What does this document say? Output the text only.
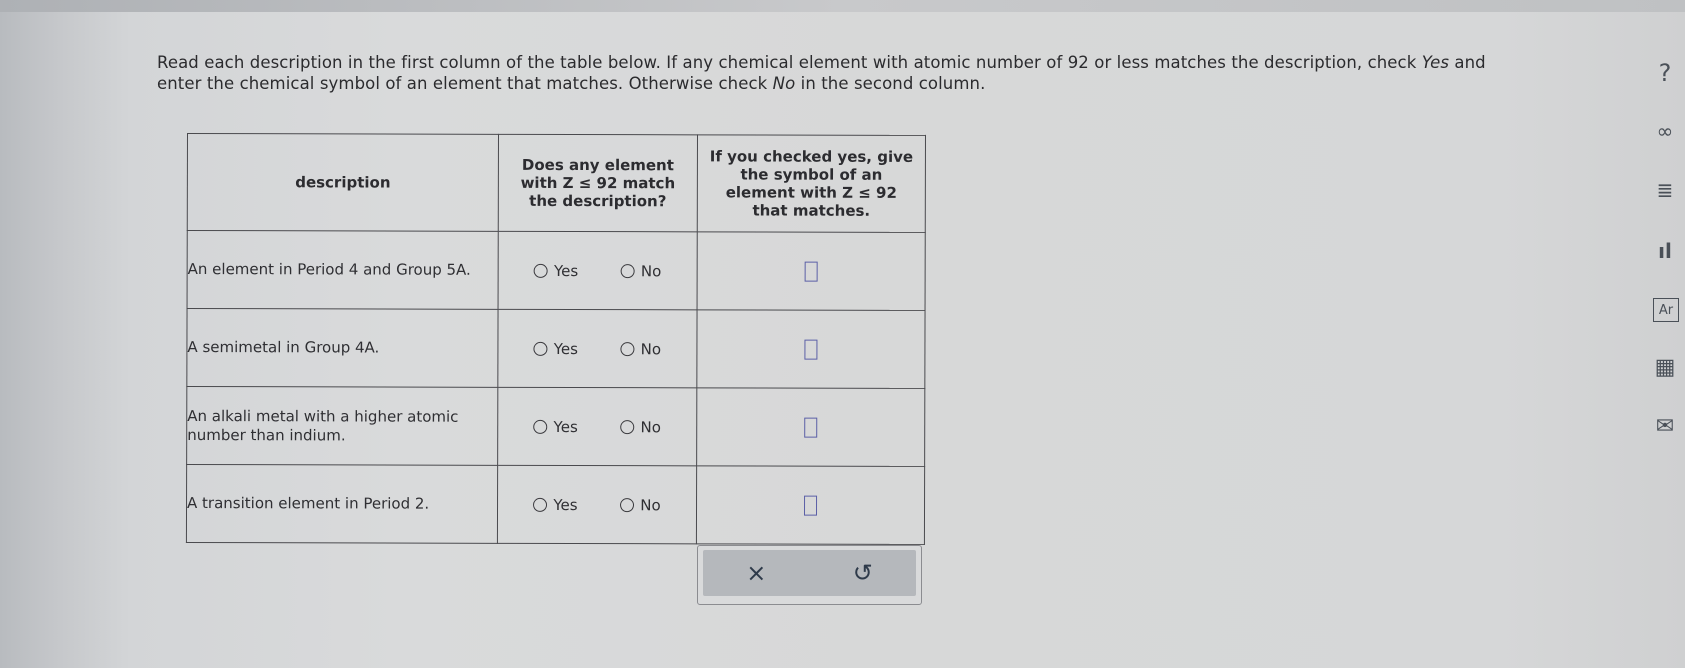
Read each description in the first column of the table below. If any chemical element with atomic number of 92 or less matches the description, check Yes and
enter the chemical symbol of an element that matches. Otherwise check No in the second column.
description	Does any element with Z ≤ 92 match the description?	If you checked yes, give the symbol of an element with Z ≤ 92 that matches.

An element in Period 4 and Group 5A.	Yes No	

A semimetal in Group 4A.	Yes No	

An alkali metal with a higher atomic number than indium.	Yes No	

A transition element in Period 2.	Yes No	

×	↺
?
∞
≣
ıl
Ar
▦
✉
